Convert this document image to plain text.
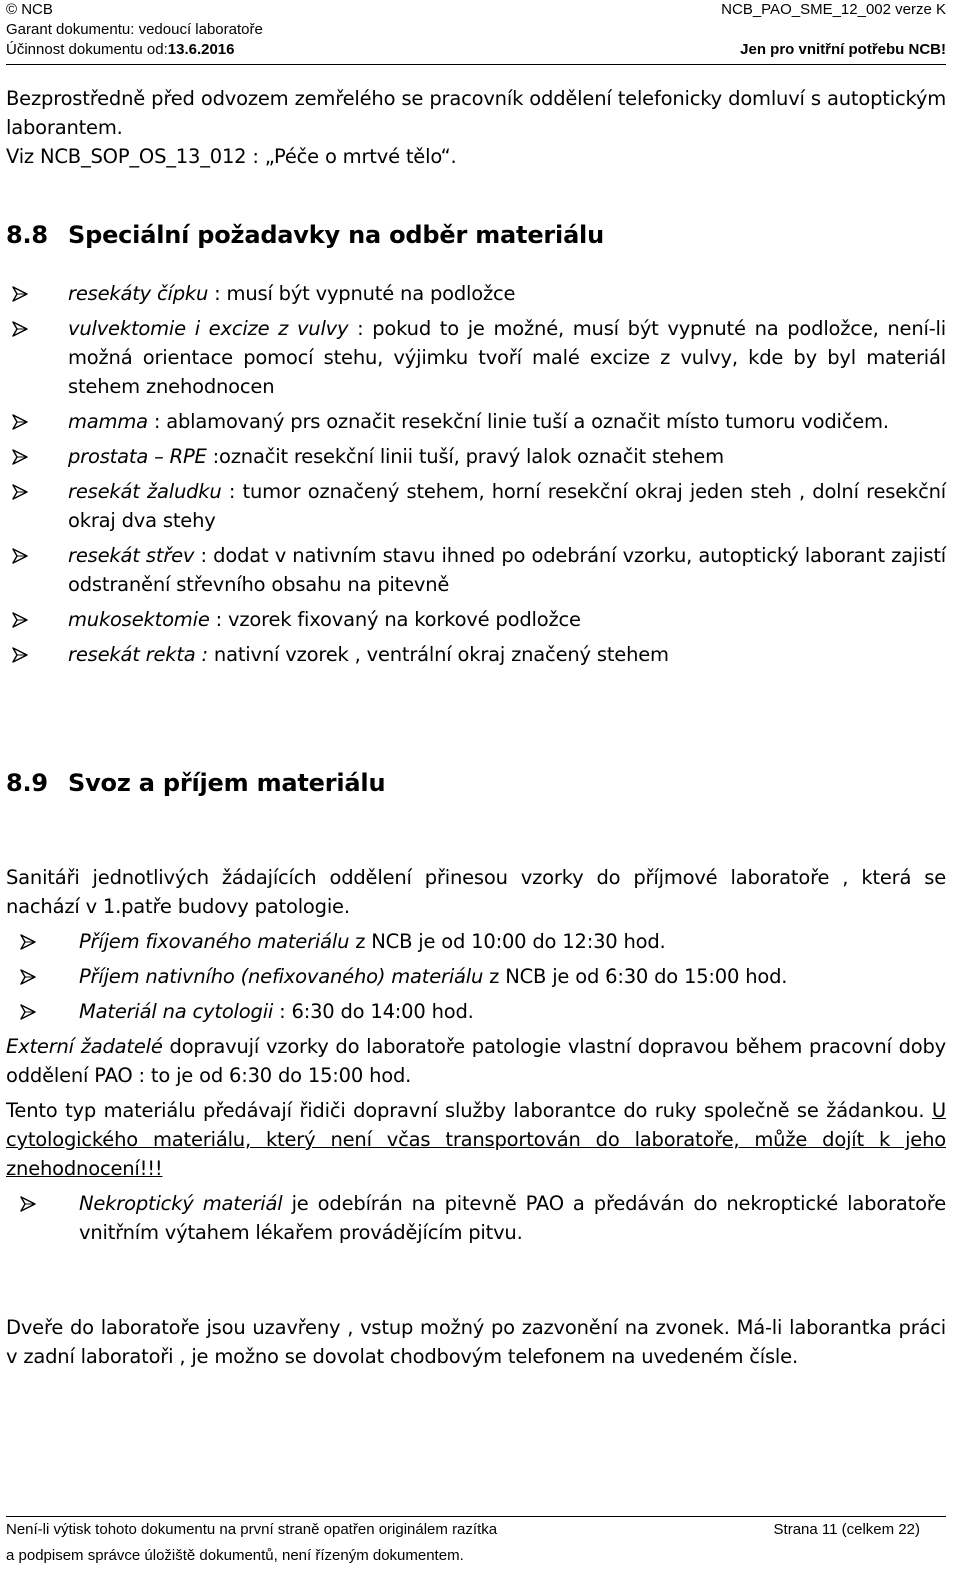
© NCB
Garant dokumentu: vedoucí laboratoře
Účinnost dokumentu od:13.6.2016
NCB_PAO_SME_12_002 verze K

Jen pro vnitřní potřebu NCB!

Bezprostředně před odvozem zemřelého se pracovník oddělení telefonicky domluví s autoptickým laborantem.

Viz NCB_SOP_OS_13_012 : „Péče o mrtvé tělo“.

8.8 Speciální požadavky na odběr materiálu
resekáty čípku : musí být vypnuté na podložce
vulvektomie i excize z vulvy : pokud to je možné, musí být vypnuté na podložce, není-li možná orientace pomocí stehu, výjimku tvoří malé excize z vulvy, kde by byl materiál stehem znehodnocen
mamma : ablamovaný prs označit resekční linie tuší a označit místo tumoru vodičem.
prostata – RPE :označit resekční linii tuší, pravý lalok označit stehem
resekát žaludku : tumor označený stehem, horní resekční okraj jeden steh , dolní resekční okraj dva stehy
resekát střev : dodat v nativním stavu ihned po odebrání vzorku, autoptický laborant zajistí odstranění střevního obsahu na pitevně
mukosektomie : vzorek fixovaný na korkové podložce
resekát rekta : nativní vzorek , ventrální okraj značený stehem
8.9 Svoz a příjem materiálu

Sanitáři jednotlivých žádajících oddělení přinesou vzorky do příjmové laboratoře , která se nachází v 1.patře budovy patologie.

Příjem fixovaného materiálu z NCB je od 10:00 do 12:30 hod.
Příjem nativního (nefixovaného) materiálu z NCB je od 6:30 do 15:00 hod.
Materiál na cytologii : 6:30 do 14:00 hod.

Externí žadatelé dopravují vzorky do laboratoře patologie vlastní dopravou během pracovní doby oddělení PAO : to je od 6:30 do 15:00 hod.

Tento typ materiálu předávají řidiči dopravní služby laborantce do ruky společně se žádankou. U cytologického materiálu, který není včas transportován do laboratoře, může dojít k jeho znehodnocení!!!

Nekroptický materiál je odebírán na pitevně PAO a předáván do nekroptické laboratoře vnitřním výtahem lékařem provádějícím pitvu.

Dveře do laboratoře jsou uzavřeny , vstup možný po zazvonění na zvonek. Má-li laborantka práci v zadní laboratoři , je možno se dovolat chodbovým telefonem na uvedeném čísle.

Není-li výtisk tohoto dokumentu na první straně opatřen originálem razítka
a podpisem správce úložiště dokumentů, není řízeným dokumentem.
Strana 11 (celkem 22)
